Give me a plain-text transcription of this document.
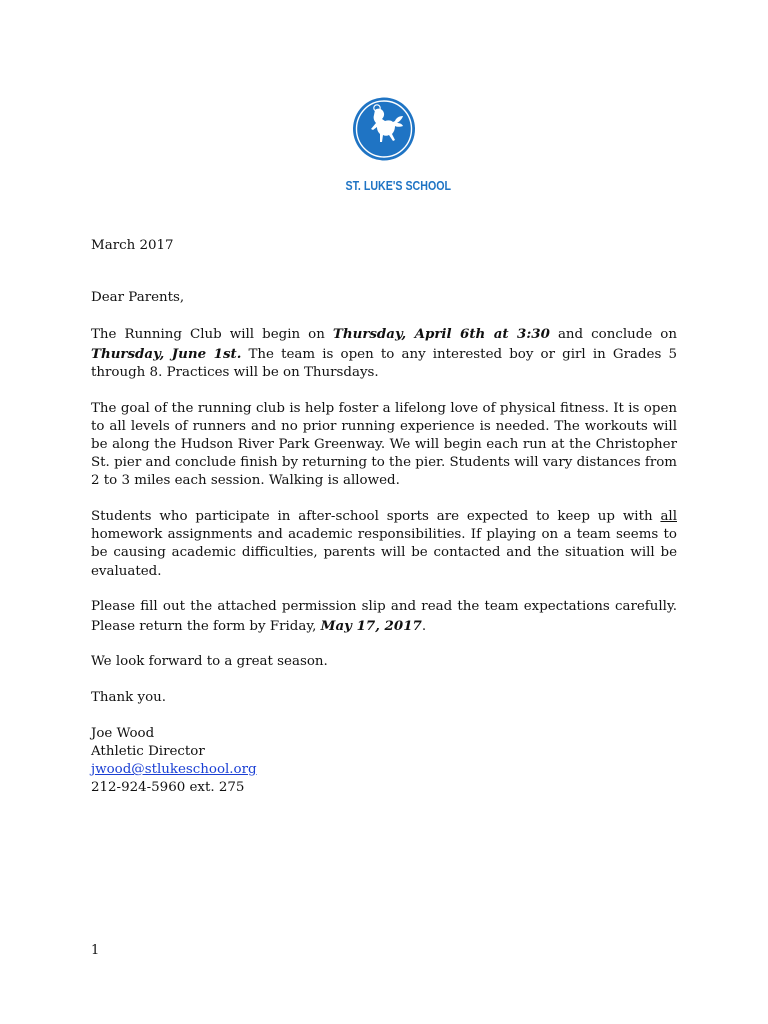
ST. LUKE'S SCHOOL

March 2017

Dear Parents,

The Running Club will begin on Thursday, April 6th at 3:30 and conclude on Thursday, June 1st. The team is open to any interested boy or girl in Grades 5 through 8. Practices will be on Thursdays.

The goal of the running club is help foster a lifelong love of physical fitness. It is open to all levels of runners and no prior running experience is needed. The workouts will be along the Hudson River Park Greenway. We will begin each run at the Christopher St. pier and conclude finish by returning to the pier. Students will vary distances from 2 to 3 miles each session. Walking is allowed.

Students who participate in after-school sports are expected to keep up with all homework assignments and academic responsibilities. If playing on a team seems to be causing academic difficulties, parents will be contacted and the situation will be evaluated.

Please fill out the attached permission slip and read the team expectations carefully. Please return the form by Friday, May 17, 2017.

We look forward to a great season.

Thank you.

Joe Wood

Athletic Director

jwood@stlukeschool.org

212-924-5960 ext. 275

1
